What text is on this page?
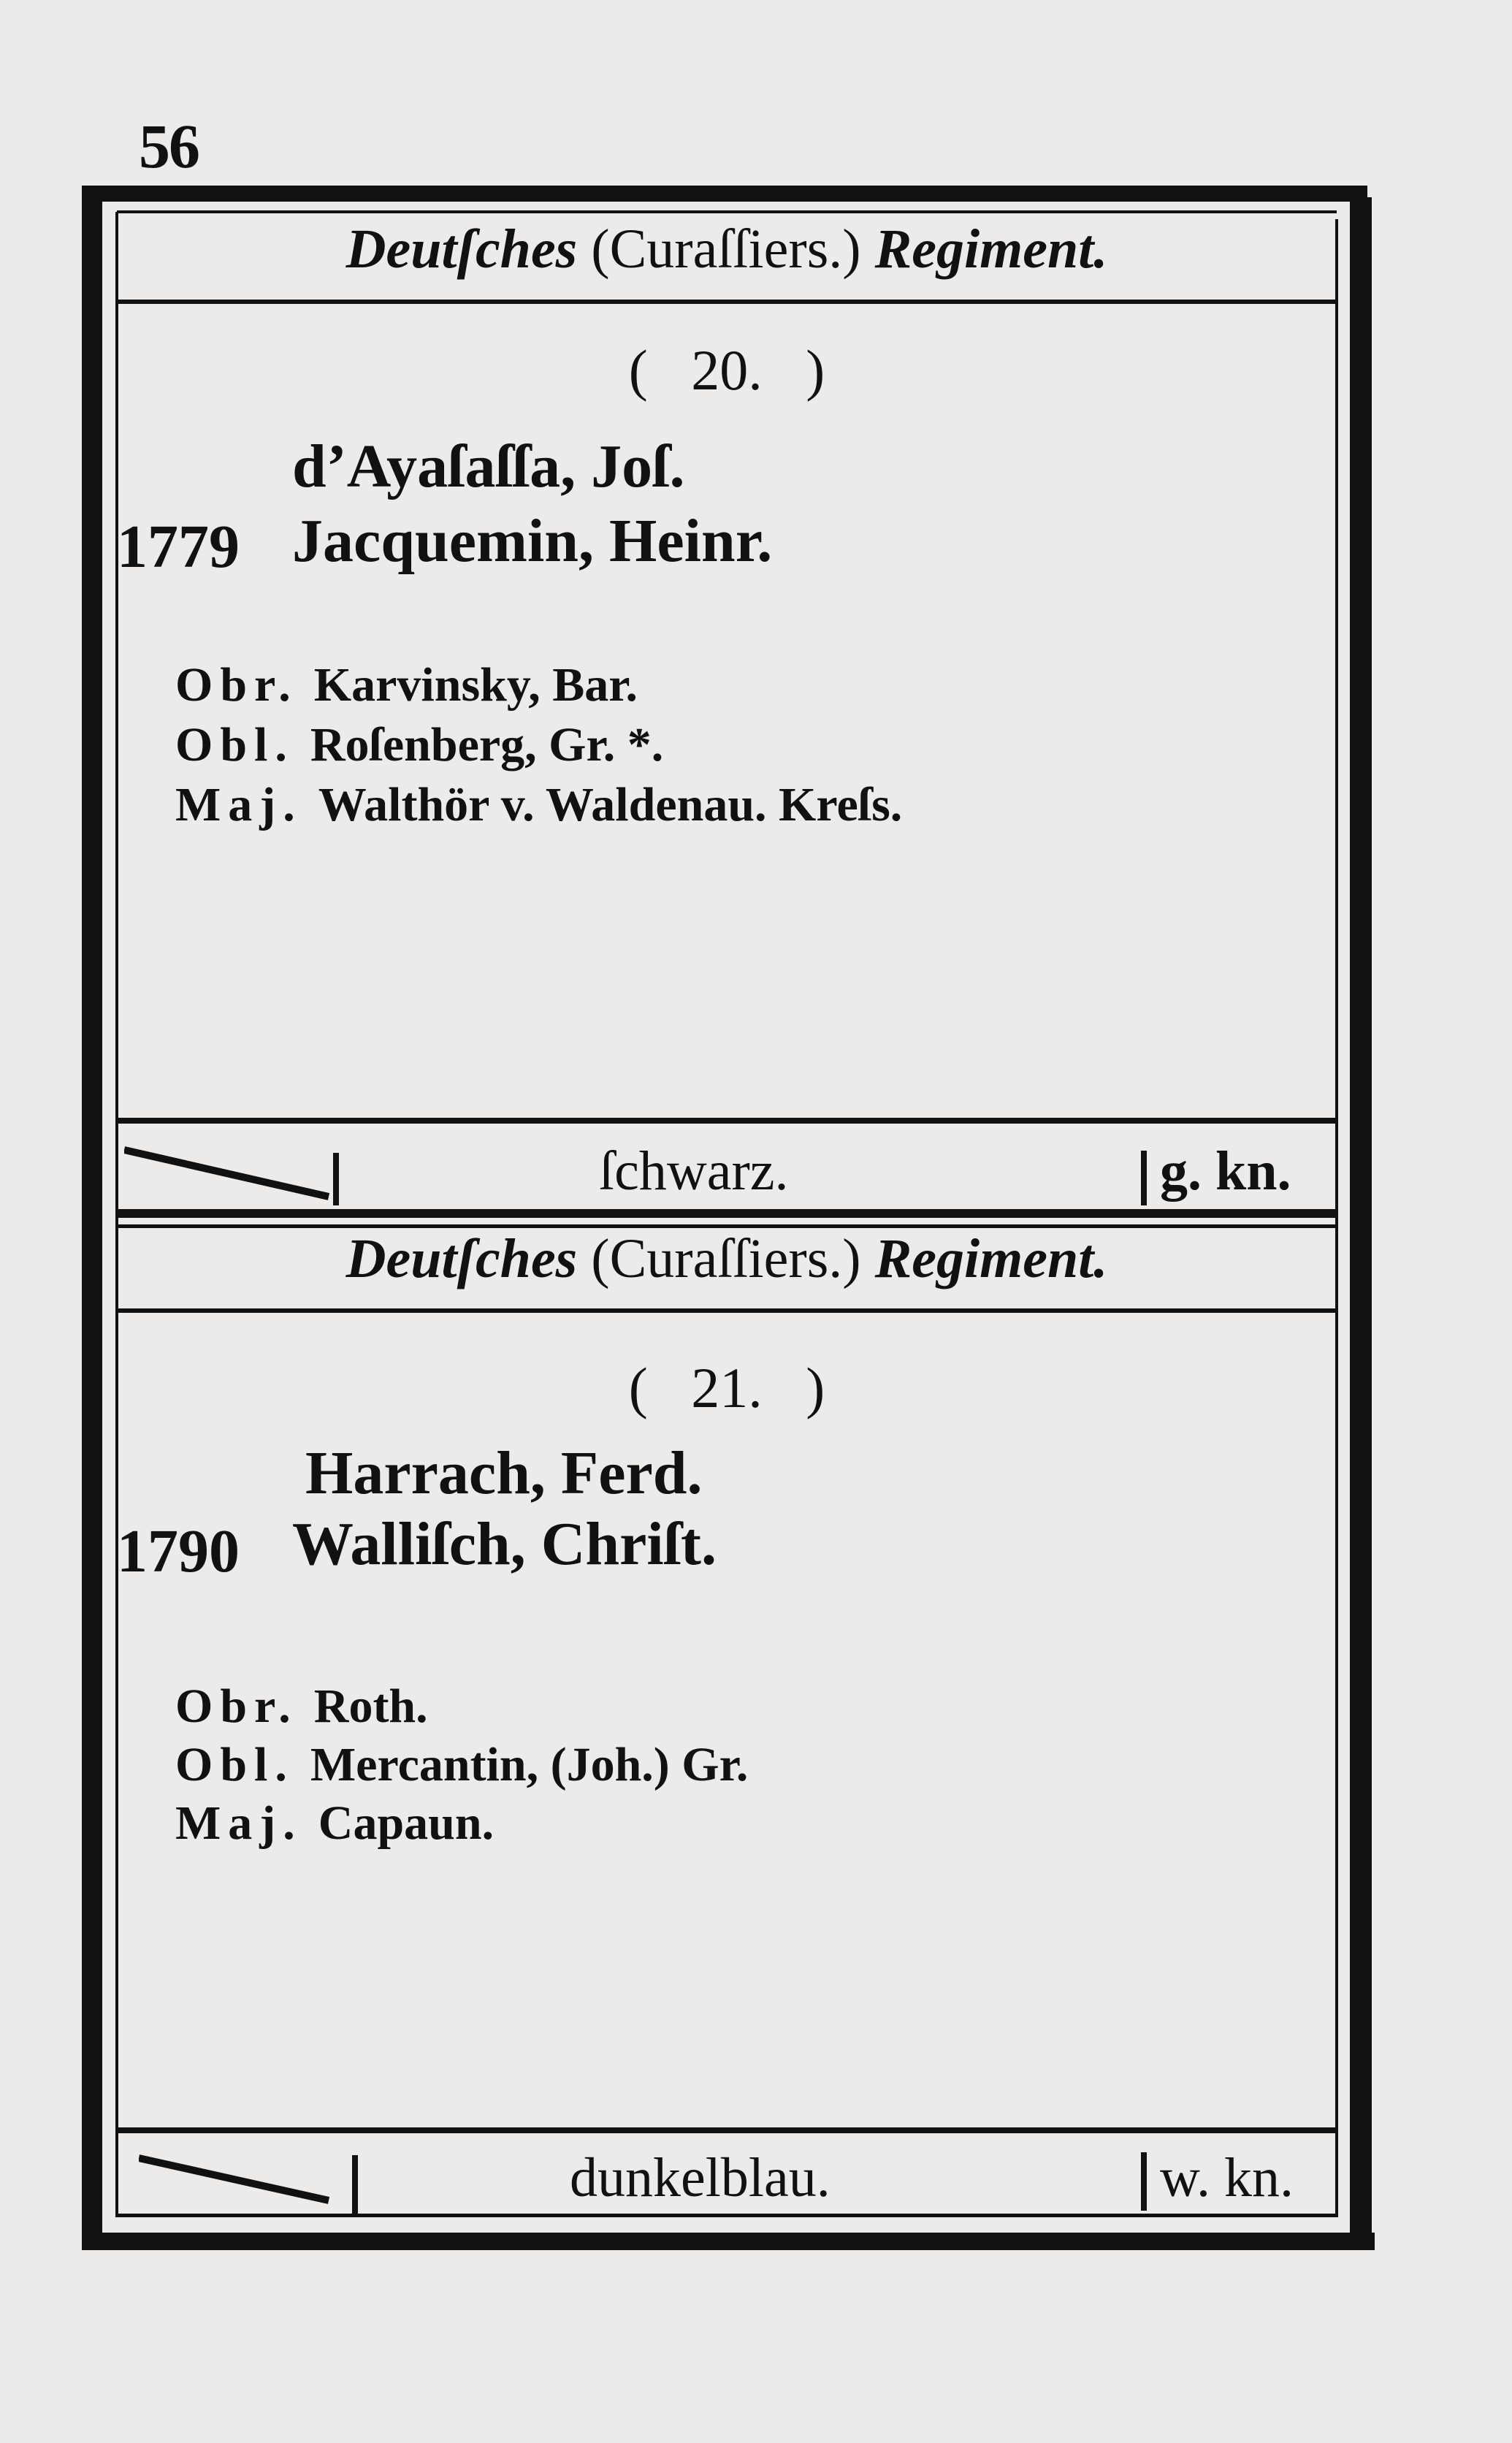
56
Deutſches (Curaſſiers.) Regiment.
( 20. )
d’Ayaſaſſa, Joſ.
1779 Jacquemin, Heinr.
Obr. Karvinsky, Bar.
Obl. Roſenberg, Gr. *.
Maj. Walthör v. Waldenau. Kreſs.
ſchwarz.	g. kn.
Deutſches (Curaſſiers.) Regiment.
( 21. )
Harrach, Ferd.
1790 Walliſch, Chriſt.
Obr. Roth.
Obl. Mercantin, (Joh.) Gr.
Maj. Capaun.
dunkelblau.	w. kn.
